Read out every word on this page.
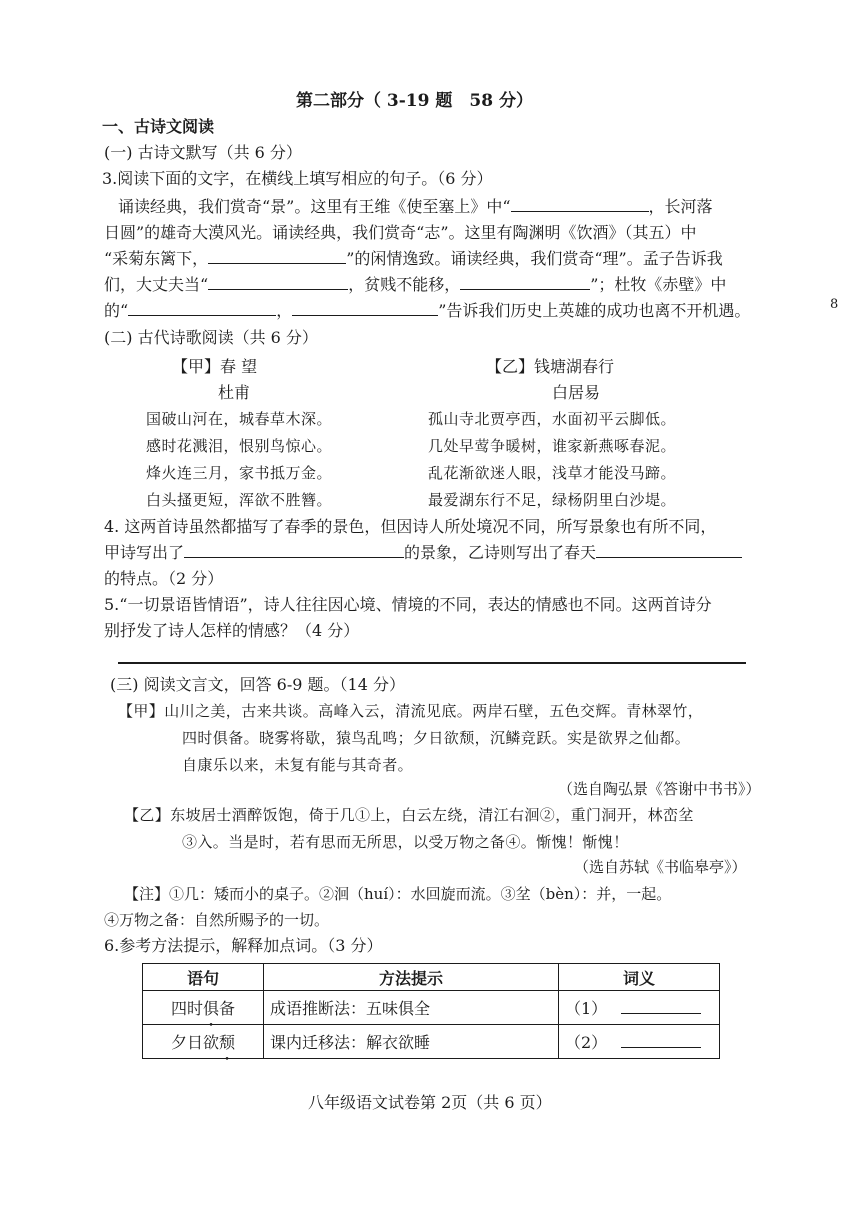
第二部分（ 3-19 题　58 分）
一、古诗文阅读
(一) 古诗文默写（共 6 分）
3.阅读下面的文字，在横线上填写相应的句子。（6 分）
诵读经典，我们赏奇“景”。这里有王维《使至塞上》中“	，长河落
日圆”的雄奇大漠风光。诵读经典，我们赏奇“志”。这里有陶渊明《饮酒》（其五）中
“采菊东篱下，	”的闲情逸致。诵读经典，我们赏奇“理”。孟子告诉我
们，大丈夫当“	，贫贱不能移，	”；杜牧《赤壁》中
的“	，	”告诉我们历史上英雄的成功也离不开机遇。	8
(二) 古代诗歌阅读（共 6 分）
【甲】春 望
杜甫
国破山河在，城春草木深。
感时花溅泪，恨别鸟惊心。
烽火连三月，家书抵万金。
白头搔更短，浑欲不胜簪。
【乙】钱塘湖春行
白居易
孤山寺北贾亭西，水面初平云脚低。
几处早莺争暖树，谁家新燕啄春泥。
乱花渐欲迷人眼，浅草才能没马蹄。
最爱湖东行不足，绿杨阴里白沙堤。
4. 这两首诗虽然都描写了春季的景色，但因诗人所处境况不同，所写景象也有所不同，
甲诗写出了	的景象，乙诗则写出了春天
的特点。（2 分）
5.“一切景语皆情语”，诗人往往因心境、情境的不同，表达的情感也不同。这两首诗分
别抒发了诗人怎样的情感？（4 分）
(三) 阅读文言文，回答 6-9 题。（14 分）
【甲】山川之美，古来共谈。高峰入云，清流见底。两岸石壁，五色交辉。青林翠竹，
四时俱备。晓雾将歇，猿鸟乱鸣；夕日欲颓，沉鳞竞跃。实是欲界之仙都。
自康乐以来，未复有能与其奇者。
（选自陶弘景《答谢中书书》）
【乙】东坡居士酒醉饭饱，倚于几①上，白云左绕，清江右洄②，重门洞开，林峦坌
③入。当是时，若有思而无所思，以受万物之备④。惭愧！惭愧！
（选自苏轼《书临皋亭》）
【注】①几：矮而小的桌子。②洄（huí）：水回旋而流。③坌（bèn）：并，一起。
④万物之备：自然所赐予的一切。
6.参考方法提示，解释加点词。（3 分）
语句	方法提示	词义
四时俱备	成语推断法：五味俱全	（1）
夕日欲颓	课内迁移法：解衣欲睡	（2）
八年级语文试卷第 2页（共 6 页）
